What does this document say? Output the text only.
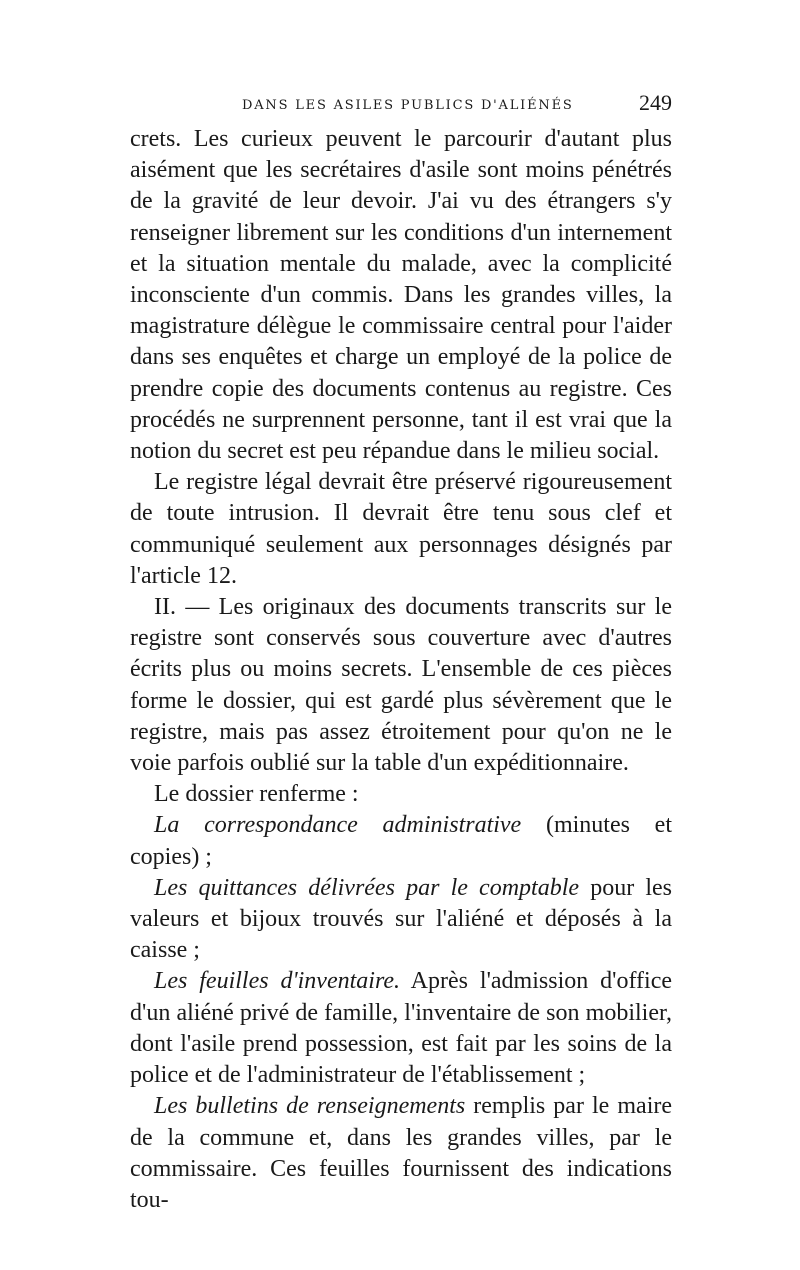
DANS LES ASILES PUBLICS D'ALIÉNÉS	249

crets. Les curieux peuvent le parcourir d'autant plus aisément que les secrétaires d'asile sont moins pénétrés de la gravité de leur devoir. J'ai vu des étrangers s'y renseigner librement sur les conditions d'un internement et la situation mentale du malade, avec la complicité inconsciente d'un commis. Dans les grandes villes, la magistrature délègue le commissaire central pour l'aider dans ses enquêtes et charge un employé de la police de prendre copie des documents contenus au registre. Ces procédés ne surprennent personne, tant il est vrai que la notion du secret est peu répandue dans le milieu social.

Le registre légal devrait être préservé rigoureusement de toute intrusion. Il devrait être tenu sous clef et communiqué seulement aux personnages désignés par l'article 12.

II. — Les originaux des documents transcrits sur le registre sont conservés sous couverture avec d'autres écrits plus ou moins secrets. L'ensemble de ces pièces forme le dossier, qui est gardé plus sévèrement que le registre, mais pas assez étroitement pour qu'on ne le voie parfois oublié sur la table d'un expéditionnaire.

Le dossier renferme :

La correspondance administrative (minutes et copies) ;

Les quittances délivrées par le comptable pour les valeurs et bijoux trouvés sur l'aliéné et déposés à la caisse ;

Les feuilles d'inventaire. Après l'admission d'office d'un aliéné privé de famille, l'inventaire de son mobilier, dont l'asile prend possession, est fait par les soins de la police et de l'administrateur de l'établissement ;

Les bulletins de renseignements remplis par le maire de la commune et, dans les grandes villes, par le commissaire. Ces feuilles fournissent des indications tou-
